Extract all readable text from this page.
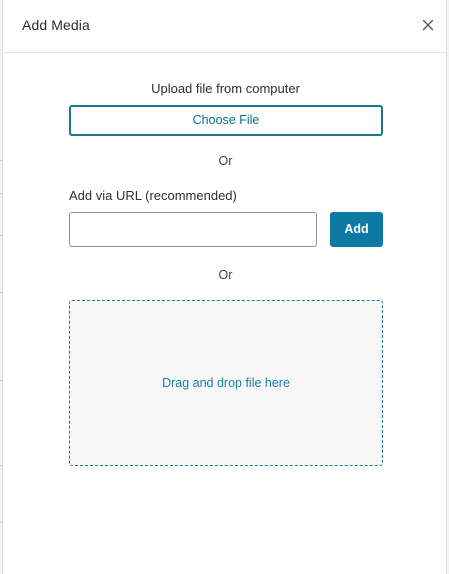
Add Media
Upload file from computer
Choose File
Or
Add via URL (recommended)
Add
Or
Drag and drop file here
